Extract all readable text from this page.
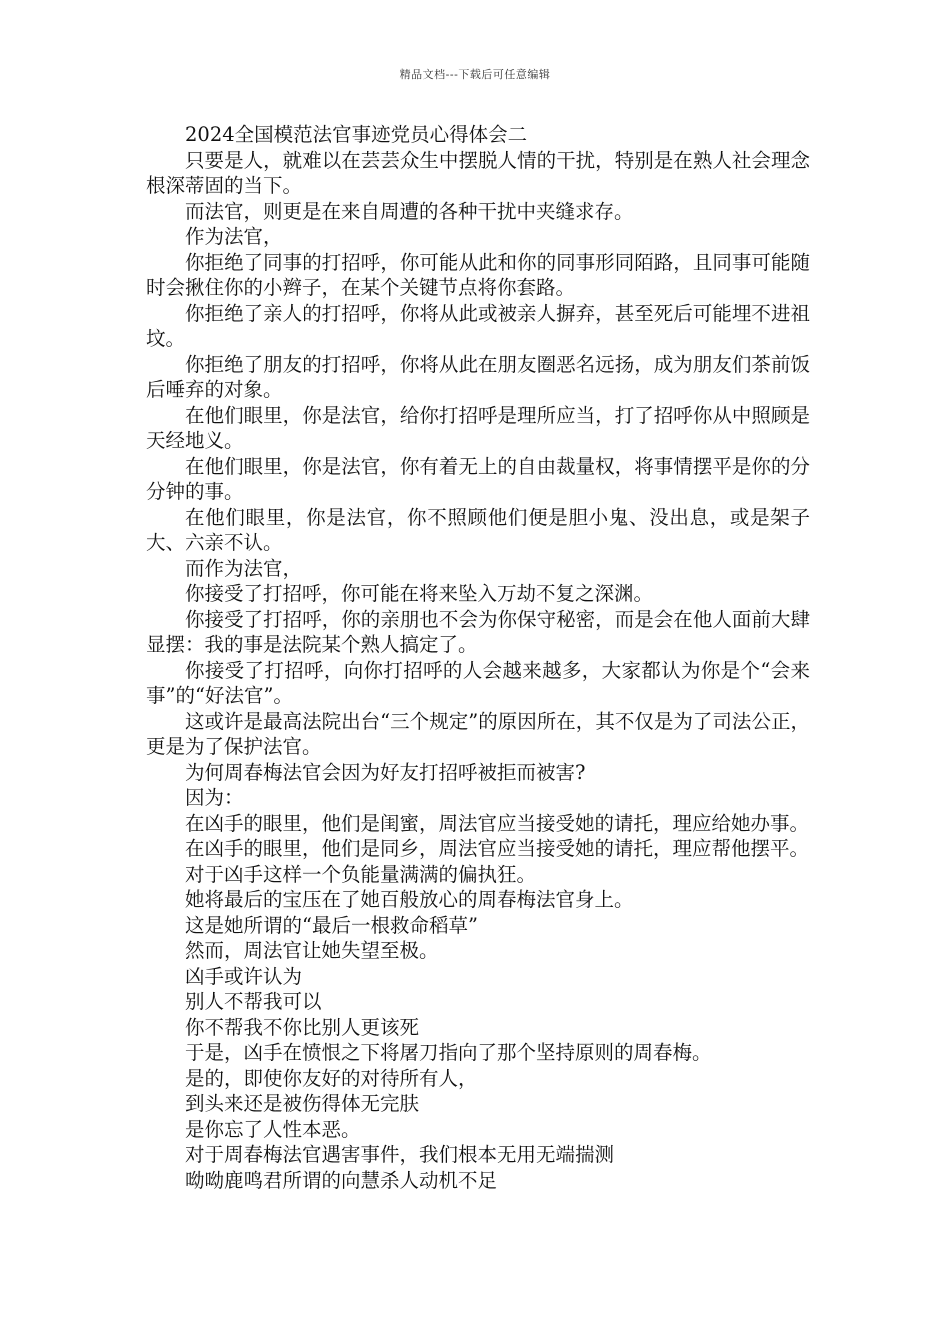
精品文档---下载后可任意编辑

2024全国模范法官事迹党员心得体会二

只要是人，就难以在芸芸众生中摆脱人情的干扰，特别是在熟人社会理念根深蒂固的当下。

而法官，则更是在来自周遭的各种干扰中夹缝求存。

作为法官，

你拒绝了同事的打招呼，你可能从此和你的同事形同陌路，且同事可能随时会揪住你的小辫子，在某个关键节点将你套路。

你拒绝了亲人的打招呼，你将从此或被亲人摒弃，甚至死后可能埋不进祖坟。

你拒绝了朋友的打招呼，你将从此在朋友圈恶名远扬，成为朋友们茶前饭后唾弃的对象。

在他们眼里，你是法官，给你打招呼是理所应当，打了招呼你从中照顾是天经地义。

在他们眼里，你是法官，你有着无上的自由裁量权，将事情摆平是你的分分钟的事。

在他们眼里，你是法官，你不照顾他们便是胆小鬼、没出息，或是架子大、六亲不认。

而作为法官，

你接受了打招呼，你可能在将来坠入万劫不复之深渊。

你接受了打招呼，你的亲朋也不会为你保守秘密，而是会在他人面前大肆显摆：我的事是法院某个熟人搞定了。

你接受了打招呼，向你打招呼的人会越来越多，大家都认为你是个“会来事”的“好法官”。

这或许是最高法院出台“三个规定”的原因所在，其不仅是为了司法公正，更是为了保护法官。

为何周春梅法官会因为好友打招呼被拒而被害?

因为：

在凶手的眼里，他们是闺蜜，周法官应当接受她的请托，理应给她办事。

在凶手的眼里，他们是同乡，周法官应当接受她的请托，理应帮他摆平。

对于凶手这样一个负能量满满的偏执狂。

她将最后的宝压在了她百般放心的周春梅法官身上。

这是她所谓的“最后一根救命稻草”

然而，周法官让她失望至极。

凶手或许认为

别人不帮我可以

你不帮我不你比别人更该死

于是，凶手在愤恨之下将屠刀指向了那个坚持原则的周春梅。

是的，即使你友好的对待所有人，

到头来还是被伤得体无完肤

是你忘了人性本恶。

对于周春梅法官遇害事件，我们根本无用无端揣测

呦呦鹿鸣君所谓的向慧杀人动机不足
